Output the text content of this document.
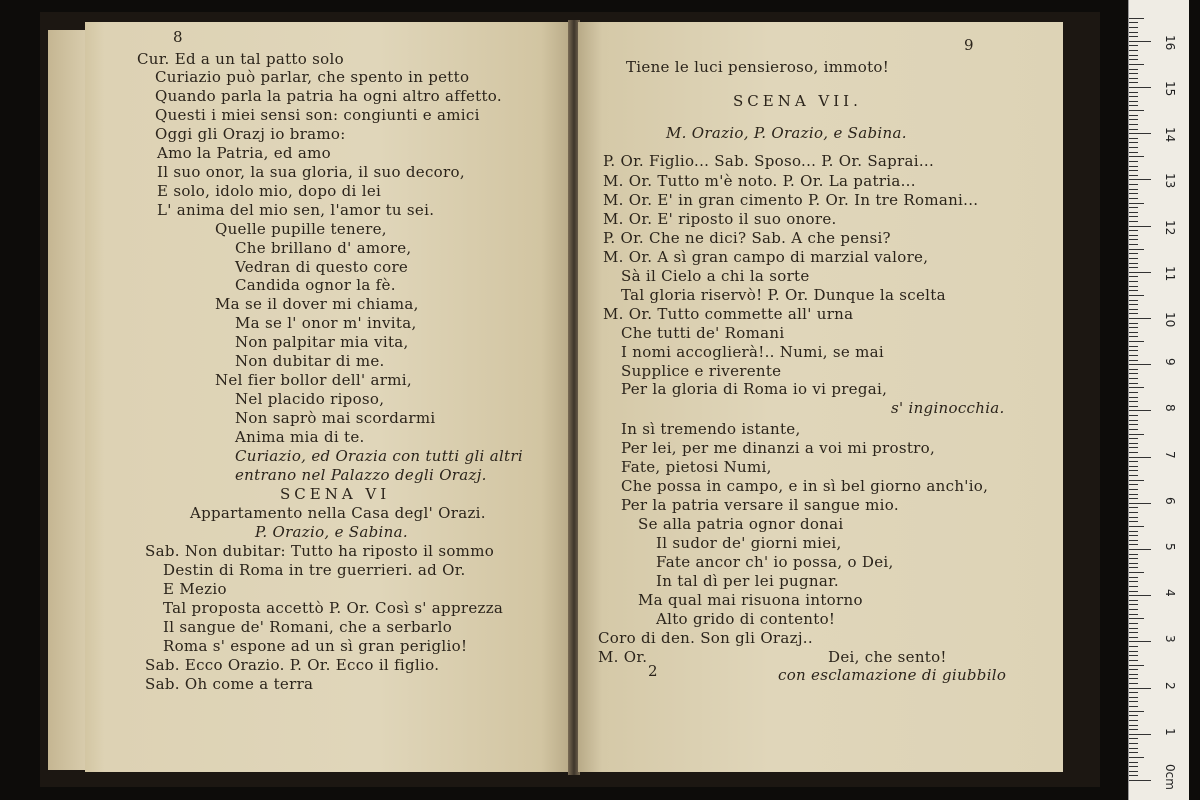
Cur. Ed a un tal patto solo
Curiazio può parlar, che spento in petto
Quando parla la patria ha ogni altro affetto.
Questi i miei sensi son: congiunti e amici
Oggi gli Orazj io bramo:
Amo la Patria, ed amo
Il suo onor, la sua gloria, il suo decoro,
E solo, idolo mio, dopo di lei
L' anima del mio sen, l'amor tu sei.
Quelle pupille tenere,
Che brillano d' amore,
Vedran di questo core
Candida ognor la fè.
Ma se il dover mi chiama,
Ma se l' onor m' invita,
Non palpitar mia vita,
Non dubitar di me.
Nel fier bollor dell' armi,
Nel placido riposo,
Non saprò mai scordarmi
Anima mia di te.
Curiazio, ed Orazia con tutti gli altri
entrano nel Palazzo degli Orazj.
SCENA VI
Appartamento nella Casa degl' Orazi.
P. Orazio, e Sabina.
Sab. Non dubitar: Tutto ha riposto il sommo
Destin di Roma in tre guerrieri. ad Or.
E Mezio
Tal proposta accettò P. Or. Così s' apprezza
Il sangue de' Romani, che a serbarlo
Roma s' espone ad un sì gran periglio!
Sab. Ecco Orazio. P. Or. Ecco il figlio.
Sab. Oh come a terra
8
Tiene le luci pensieroso, immoto!
SCENA VII.
M. Orazio, P. Orazio, e Sabina.
P. Or. Figlio... Sab. Sposo... P. Or. Saprai...
M. Or. Tutto m'è noto. P. Or. La patria...
M. Or. E' in gran cimento P. Or. In tre Romani...
M. Or. E' riposto il suo onore.
P. Or. Che ne dici? Sab. A che pensi?
M. Or. A sì gran campo di marzial valore,
Sà il Cielo a chi la sorte
Tal gloria riservò! P. Or. Dunque la scelta
M. Or. Tutto commette all' urna
Che tutti de' Romani
I nomi accoglierà!.. Numi, se mai
Supplice e riverente
Per la gloria di Roma io vi pregai,
s' inginocchia.
In sì tremendo istante,
Per lei, per me dinanzi a voi mi prostro,
Fate, pietosi Numi,
Che possa in campo, e in sì bel giorno anch'io,
Per la patria versare il sangue mio.
Se alla patria ognor donai
Il sudor de' giorni miei,
Fate ancor ch' io possa, o Dei,
In tal dì per lei pugnar.
Ma qual mai risuona intorno
Alto grido di contento!
Coro di den. Son gli Orazj..
M. Or.	Dei, che sento!
con esclamazione di giubbilo
9
2
0cm
1
2
3
4
5
6
7
8
9
10
11
12
13
14
15
16
